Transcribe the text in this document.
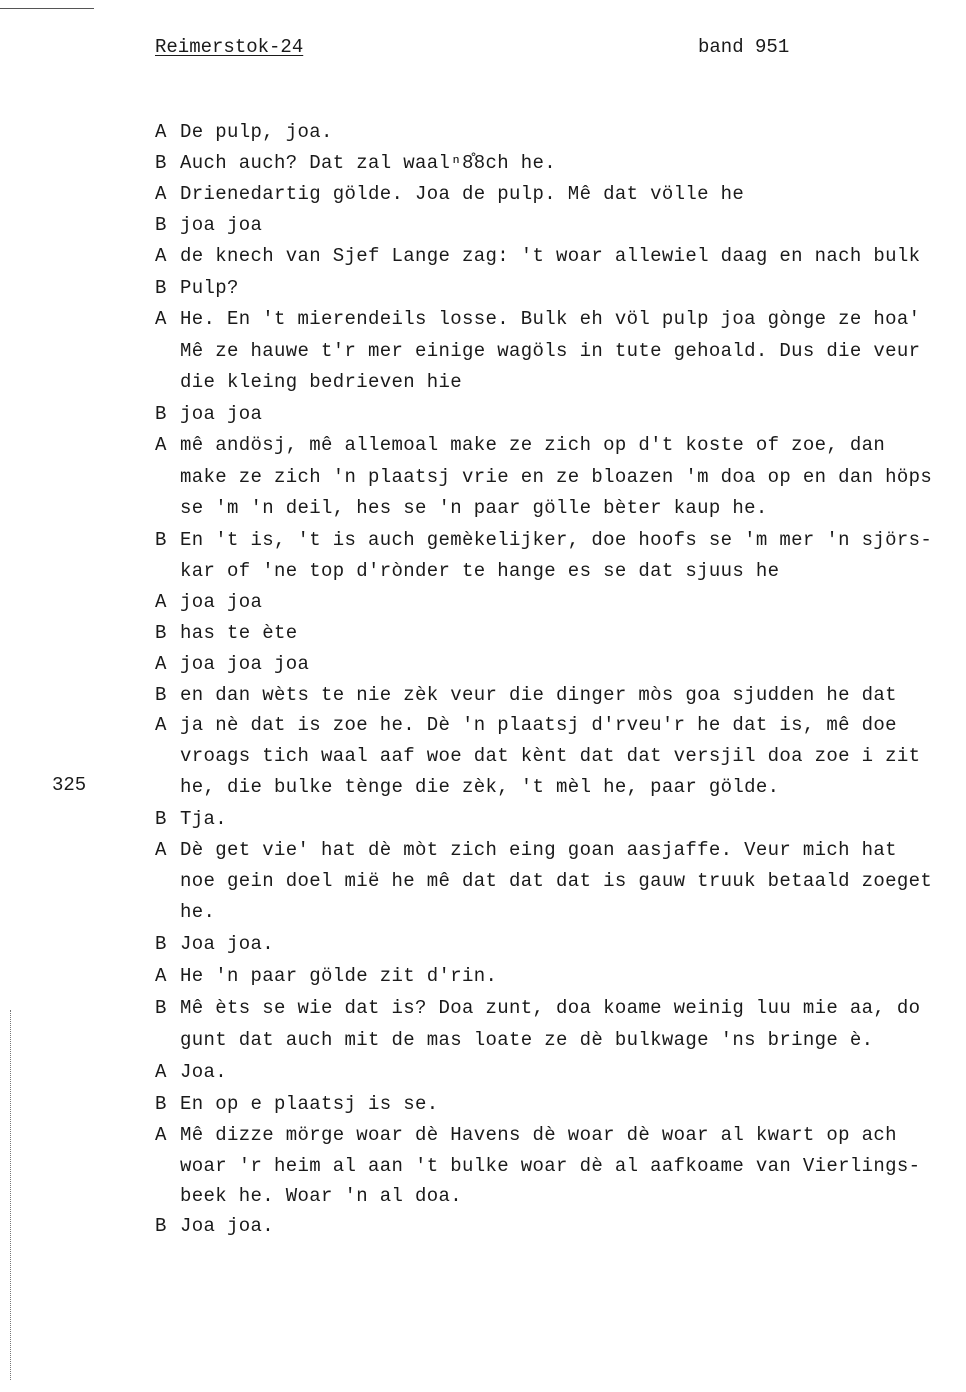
Reimerstok-24	band 951
325
A De pulp, joa.
B Auch auch? Dat zal waalⁿ8̊8ch he.
A Drienedartig gölde. Joa de pulp. Mê dat völle he
B joa joa
A de knech van Sjef Lange zag: 't woar allewiel daag en nach bulk
B Pulp?
A He. En 't mierendeils losse. Bulk eh völ pulp joa gònge ze hoa'
Mê ze hauwe t'r mer einige wagöls in tute gehoald. Dus die veur
die kleing bedrieven hie
B joa joa
A mê andösj, mê allemoal make ze zich op d't koste of zoe, dan
make ze zich 'n plaatsj vrie en ze bloazen 'm doa op en dan höps
se 'm 'n deil, hes se 'n paar gölle bèter kaup he.
B En 't is, 't is auch gemèkelijker, doe hoofs se 'm mer 'n sjörs-
kar of 'ne top d'rònder te hange es se dat sjuus he
A joa joa
B has te ète
A joa joa joa
B en dan wèts te nie zèk veur die dinger mòs goa sjudden he dat
A ja nè dat is zoe he. Dè 'n plaatsj d'rveu'r he dat is, mê doe
vroags tich waal aaf woe dat kènt dat dat versjil doa zoe i zit
he, die bulke tènge die zèk, 't mèl he, paar gölde.
B Tja.
A Dè get vie' hat dè mòt zich eing goan aasjaffe. Veur mich hat
noe gein doel mië he mê dat dat dat is gauw truuk betaald zoeget
he.
B Joa joa.
A He 'n paar gölde zit d'rin.
B Mê èts se wie dat is? Doa zunt, doa koame weinig luu mie aa, do
gunt dat auch mit de mas loate ze dè bulkwage 'ns bringe è.
A Joa.
B En op e plaatsj is se.
A Mê dizze mörge woar dè Havens dè woar dè woar al kwart op ach
woar 'r heim al aan 't bulke woar dè al aafkoame van Vierlings-
beek he. Woar 'n al doa.
B Joa joa.
